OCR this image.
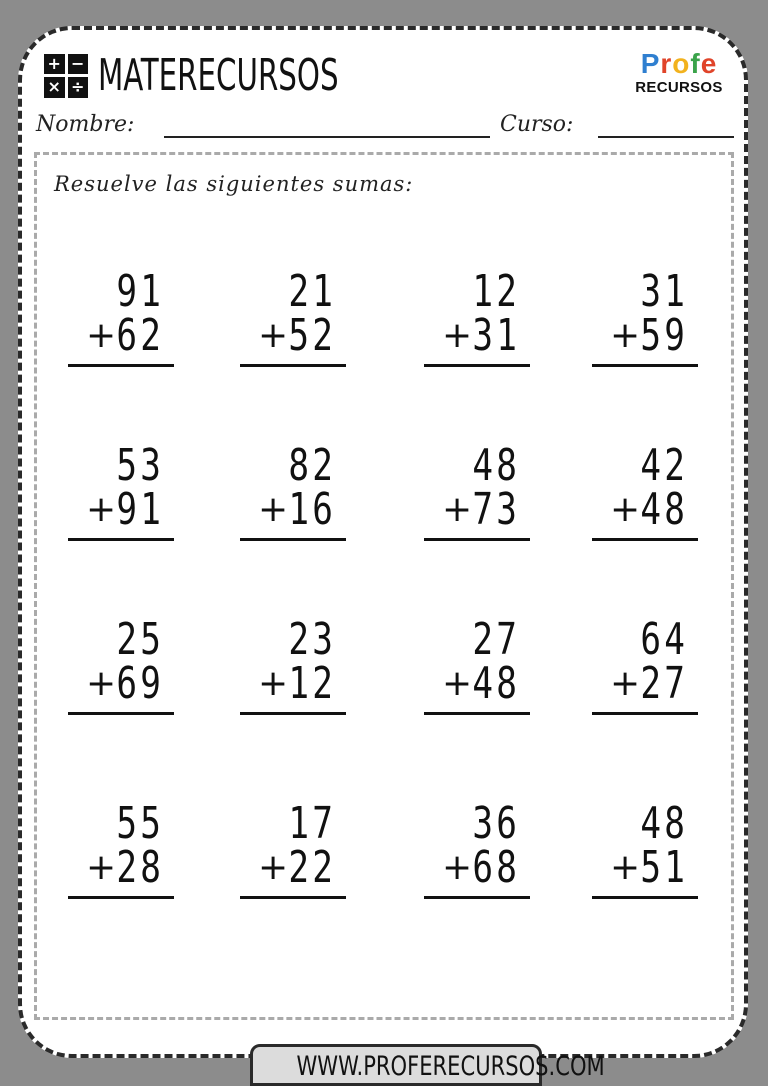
+ −
× ÷ MATERECURSOS	Profe
RECURSOS
Nombre:	Curso:
Resuelve las siguientes sumas:
91
+ 62
21
+ 52
12
+ 31
31
+ 59
53
+ 91
82
+ 16
48
+ 73
42
+ 48
25
+ 69
23
+ 12
27
+ 48
64
+ 27
55
+ 28
17
+ 22
36
+ 68
48
+ 51
WWW.PROFERECURSOS.COM
